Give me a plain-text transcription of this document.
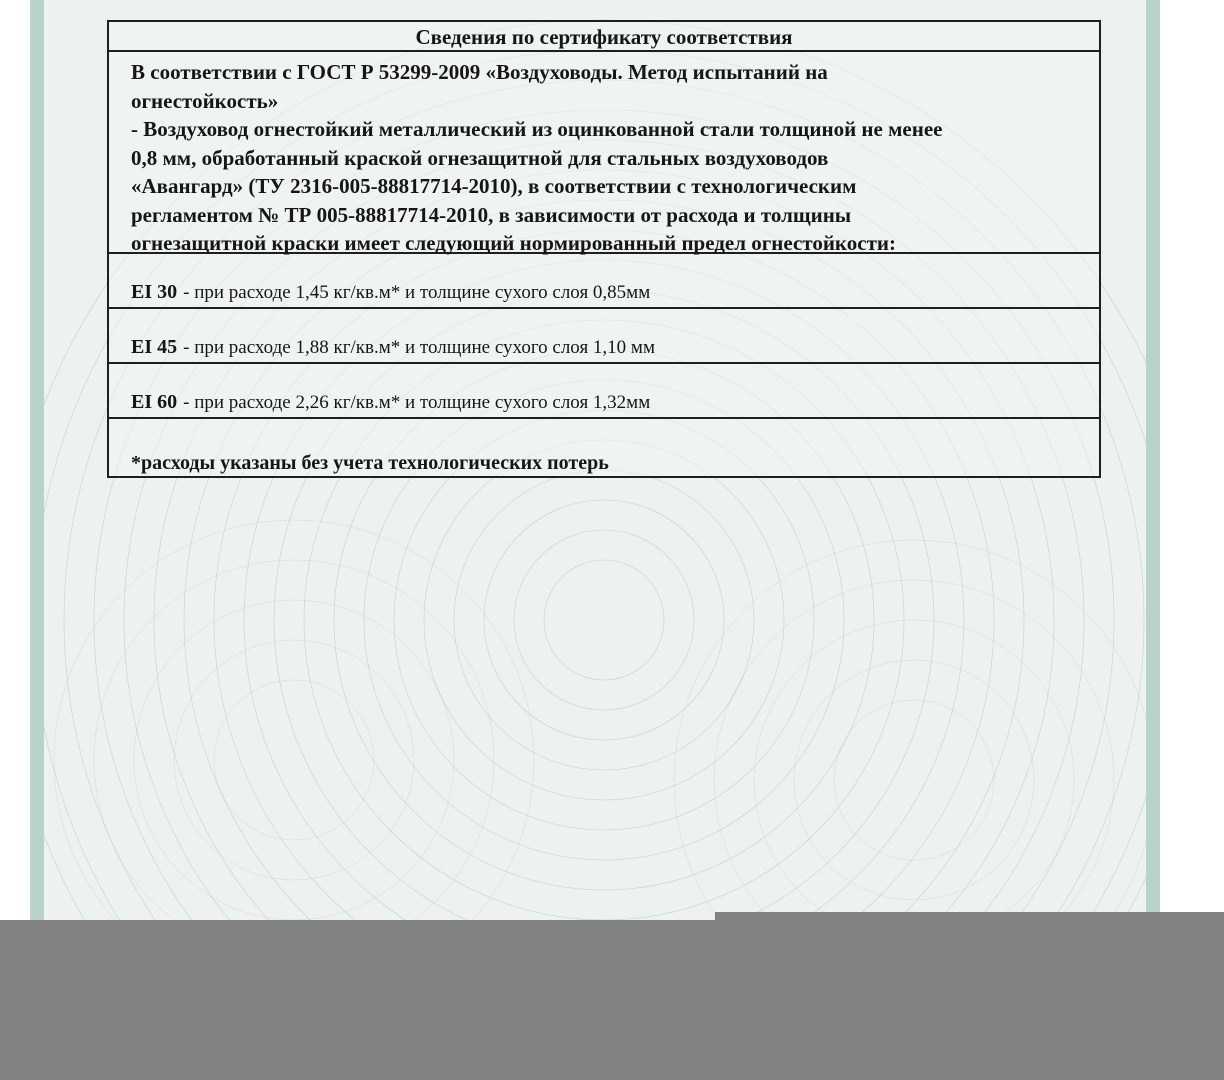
Сведения по сертификату соответствия

В соответствии с ГОСТ Р 53299-2009 «Воздуховоды. Метод испытаний на

огнестойкость»

- Воздуховод огнестойкий металлический из оцинкованной стали толщиной не менее

0,8 мм, обработанный краской огнезащитной для стальных воздуховодов

«Авангард» (ТУ 2316-005-88817714-2010), в соответствии с технологическим

регламентом № ТР 005-88817714-2010, в зависимости от расхода и толщины

огнезащитной краски имеет следующий нормированный предел огнестойкости:

EI 30 - при расходе 1,45 кг/кв.м* и толщине сухого слоя 0,85мм
EI 45 - при расходе 1,88 кг/кв.м* и толщине сухого слоя 1,10 мм
EI 60 - при расходе 2,26 кг/кв.м* и толщине сухого слоя 1,32мм
*расходы указаны без учета технологических потерь
